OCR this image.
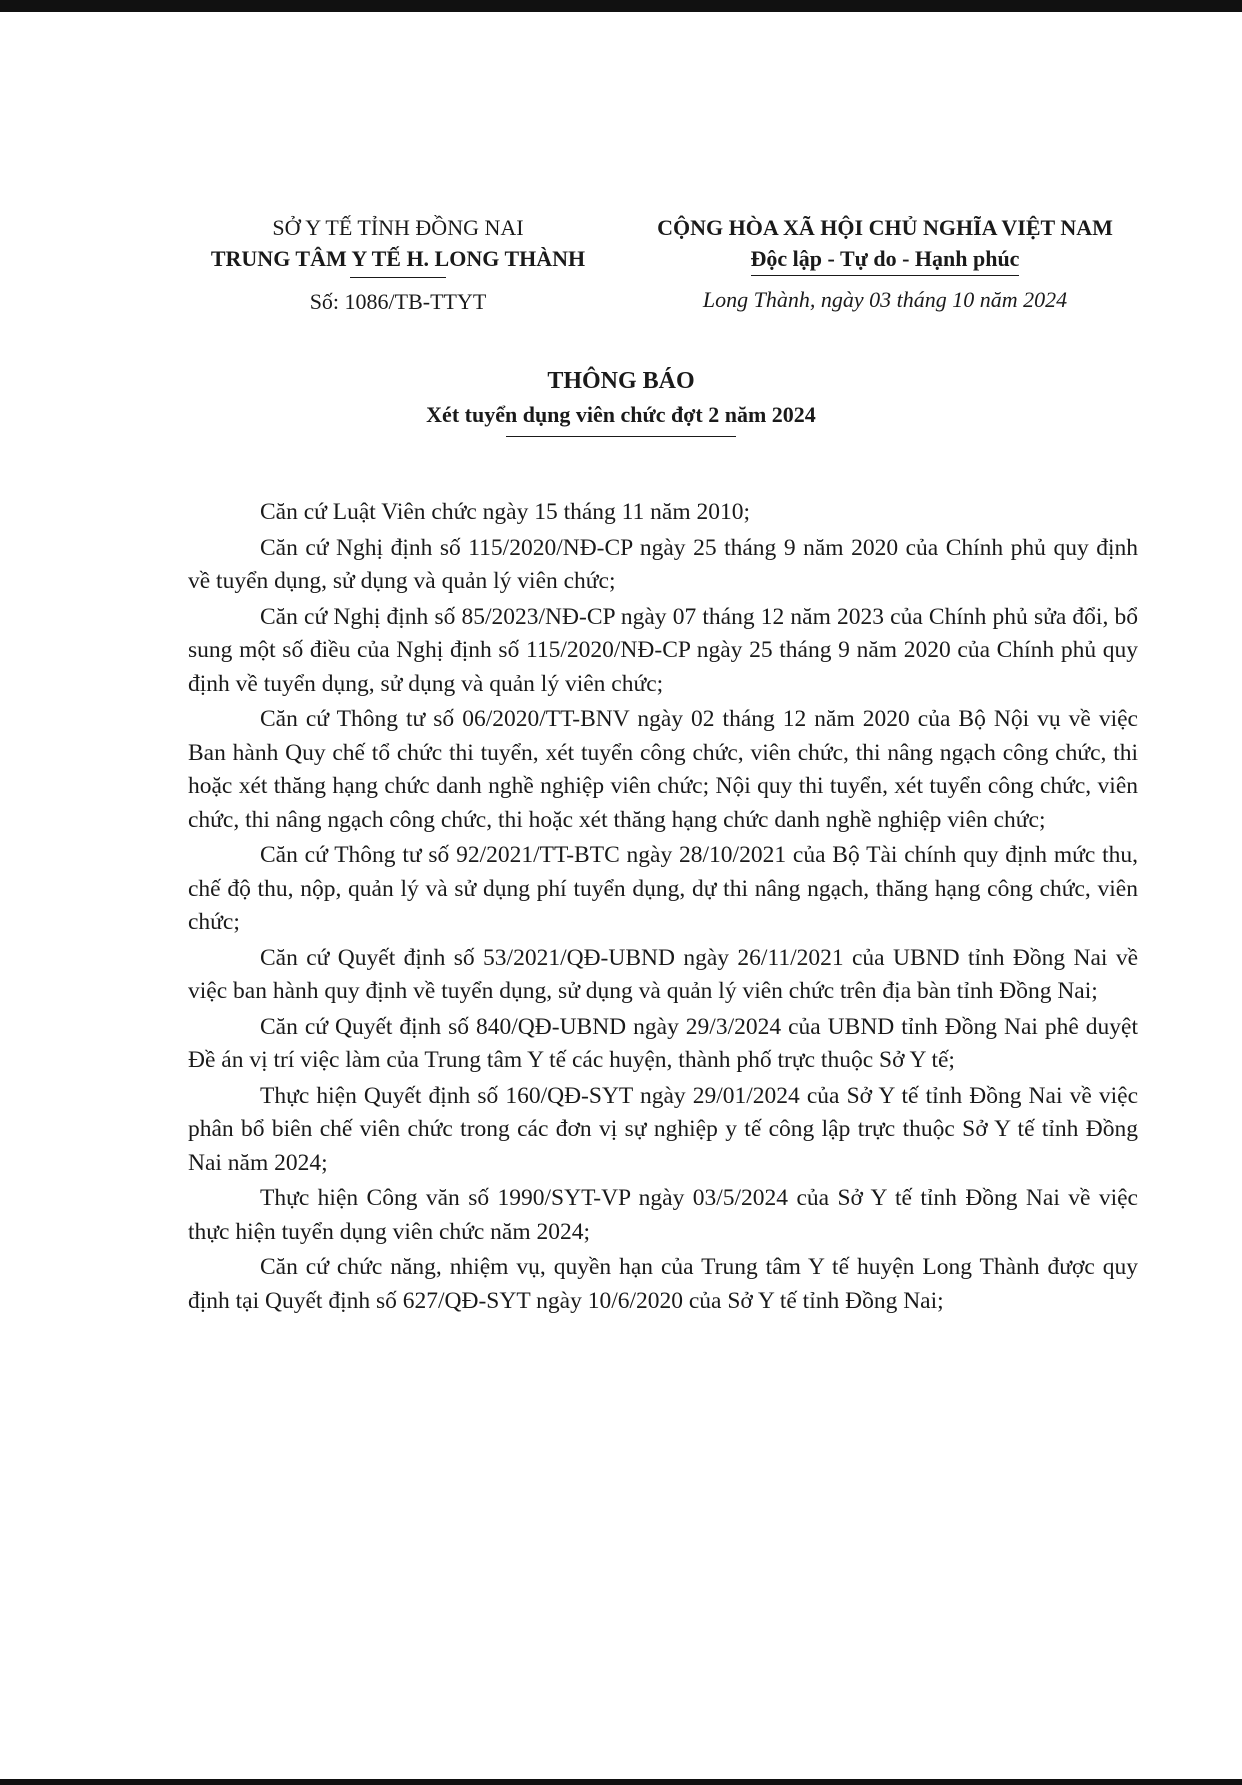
SỞ Y TẾ TỈNH ĐỒNG NAI
TRUNG TÂM Y TẾ H. LONG THÀNH
Số: 1086/TB-TTYT
CỘNG HÒA XÃ HỘI CHỦ NGHĨA VIỆT NAM
Độc lập - Tự do - Hạnh phúc
Long Thành, ngày 03 tháng 10 năm 2024
THÔNG BÁO
Xét tuyển dụng viên chức đợt 2 năm 2024

Căn cứ Luật Viên chức ngày 15 tháng 11 năm 2010;

Căn cứ Nghị định số 115/2020/NĐ-CP ngày 25 tháng 9 năm 2020 của Chính phủ quy định về tuyển dụng, sử dụng và quản lý viên chức;

Căn cứ Nghị định số 85/2023/NĐ-CP ngày 07 tháng 12 năm 2023 của Chính phủ sửa đổi, bổ sung một số điều của Nghị định số 115/2020/NĐ-CP ngày 25 tháng 9 năm 2020 của Chính phủ quy định về tuyển dụng, sử dụng và quản lý viên chức;

Căn cứ Thông tư số 06/2020/TT-BNV ngày 02 tháng 12 năm 2020 của Bộ Nội vụ về việc Ban hành Quy chế tổ chức thi tuyển, xét tuyển công chức, viên chức, thi nâng ngạch công chức, thi hoặc xét thăng hạng chức danh nghề nghiệp viên chức; Nội quy thi tuyển, xét tuyển công chức, viên chức, thi nâng ngạch công chức, thi hoặc xét thăng hạng chức danh nghề nghiệp viên chức;

Căn cứ Thông tư số 92/2021/TT-BTC ngày 28/10/2021 của Bộ Tài chính quy định mức thu, chế độ thu, nộp, quản lý và sử dụng phí tuyển dụng, dự thi nâng ngạch, thăng hạng công chức, viên chức;

Căn cứ Quyết định số 53/2021/QĐ-UBND ngày 26/11/2021 của UBND tỉnh Đồng Nai về việc ban hành quy định về tuyển dụng, sử dụng và quản lý viên chức trên địa bàn tỉnh Đồng Nai;

Căn cứ Quyết định số 840/QĐ-UBND ngày 29/3/2024 của UBND tỉnh Đồng Nai phê duyệt Đề án vị trí việc làm của Trung tâm Y tế các huyện, thành phố trực thuộc Sở Y tế;

Thực hiện Quyết định số 160/QĐ-SYT ngày 29/01/2024 của Sở Y tế tỉnh Đồng Nai về việc phân bổ biên chế viên chức trong các đơn vị sự nghiệp y tế công lập trực thuộc Sở Y tế tỉnh Đồng Nai năm 2024;

Thực hiện Công văn số 1990/SYT-VP ngày 03/5/2024 của Sở Y tế tỉnh Đồng Nai về việc thực hiện tuyển dụng viên chức năm 2024;

Căn cứ chức năng, nhiệm vụ, quyền hạn của Trung tâm Y tế huyện Long Thành được quy định tại Quyết định số 627/QĐ-SYT ngày 10/6/2020 của Sở Y tế tỉnh Đồng Nai;
